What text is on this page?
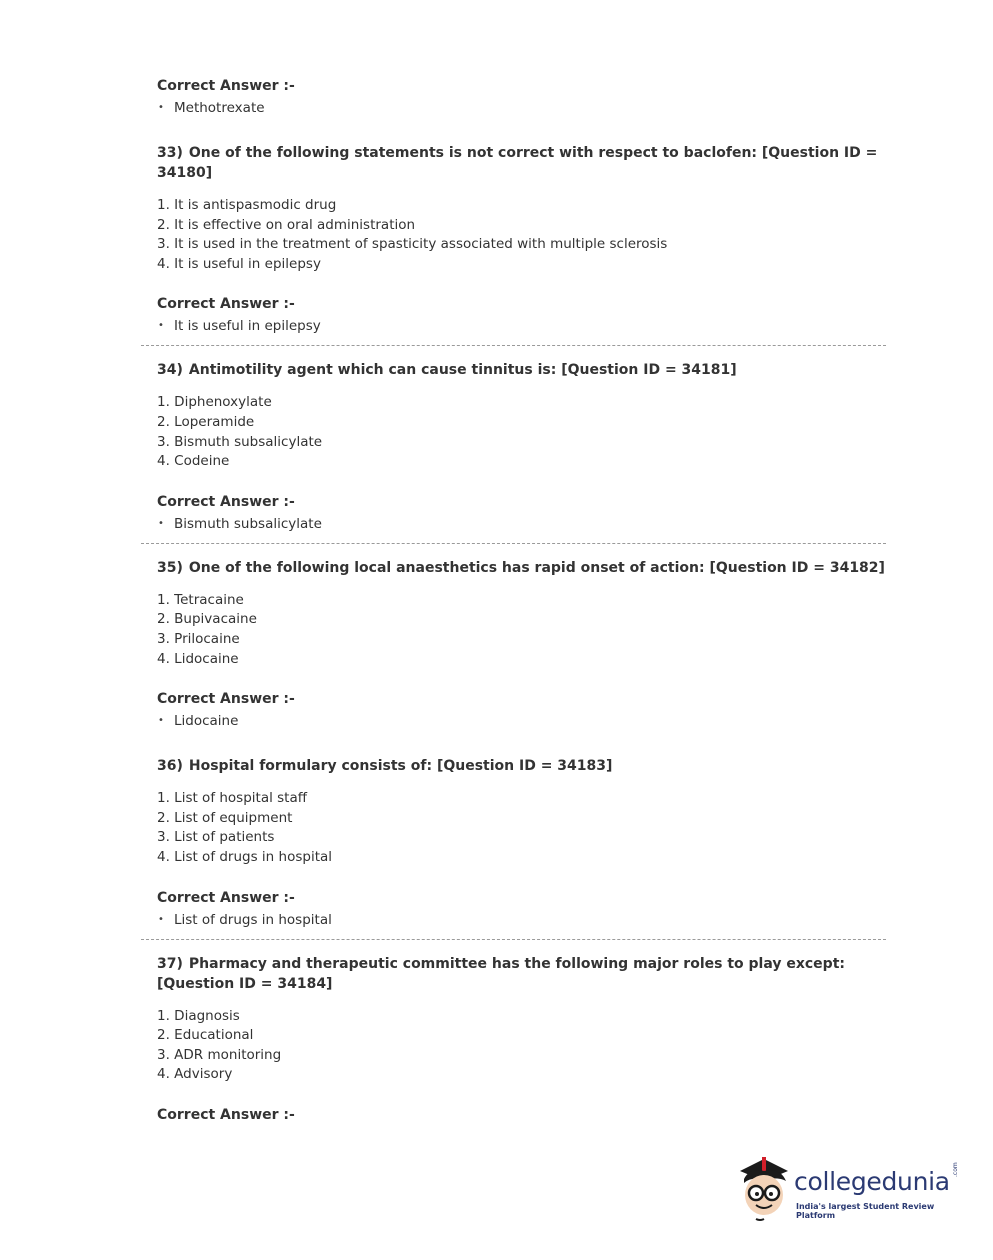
Correct Answer :-

• Methotrexate

33) One of the following statements is not correct with respect to baclofen: [Question ID = 34180]

1. It is antispasmodic drug
2. It is effective on oral administration
3. It is used in the treatment of spasticity associated with multiple sclerosis
4. It is useful in epilepsy

Correct Answer :-

• It is useful in epilepsy

34) Antimotility agent which can cause tinnitus is: [Question ID = 34181]

1. Diphenoxylate
2. Loperamide
3. Bismuth subsalicylate
4. Codeine

Correct Answer :-

• Bismuth subsalicylate

35) One of the following local anaesthetics has rapid onset of action: [Question ID = 34182]

1. Tetracaine
2. Bupivacaine
3. Prilocaine
4. Lidocaine

Correct Answer :-

• Lidocaine

36) Hospital formulary consists of: [Question ID = 34183]

1. List of hospital staff
2. List of equipment
3. List of patients
4. List of drugs in hospital

Correct Answer :-

• List of drugs in hospital

37) Pharmacy and therapeutic committee has the following major roles to play except: [Question ID = 34184]

1. Diagnosis
2. Educational
3. ADR monitoring
4. Advisory

Correct Answer :-

collegedunia .com
India's largest Student Review Platform
